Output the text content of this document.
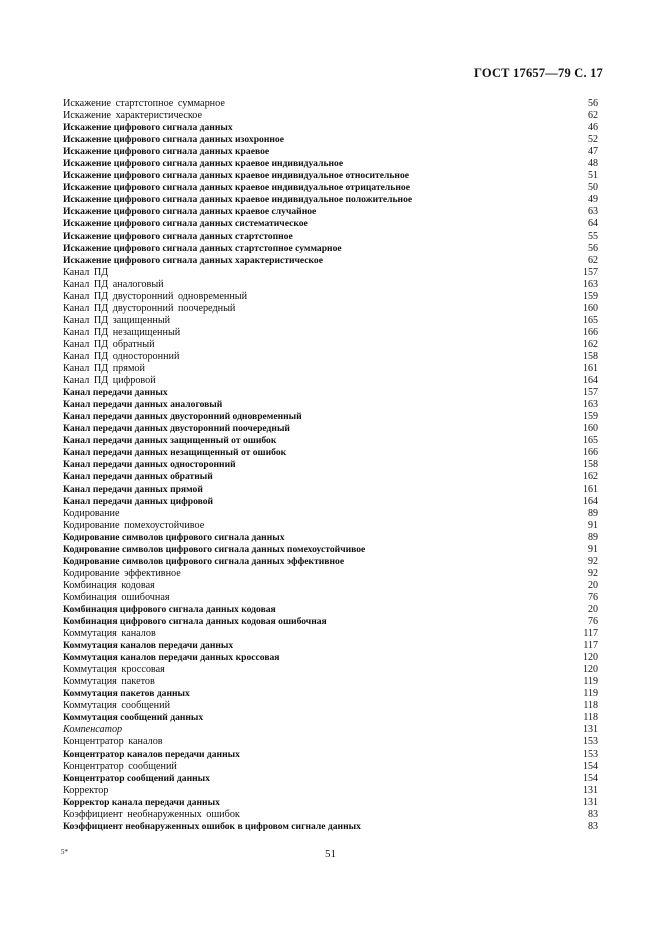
ГОСТ 17657—79 С. 17
Искажение стартстопное суммарное	56
Искажение характеристическое	62
Искажение цифрового сигнала данных	46
Искажение цифрового сигнала данных изохронное	52
Искажение цифрового сигнала данных краевое	47
Искажение цифрового сигнала данных краевое индивидуальное	48
Искажение цифрового сигнала данных краевое индивидуальное относительное	51
Искажение цифрового сигнала данных краевое индивидуальное отрицательное	50
Искажение цифрового сигнала данных краевое индивидуальное положительное	49
Искажение цифрового сигнала данных краевое случайное	63
Искажение цифрового сигнала данных систематическое	64
Искажение цифрового сигнала данных стартстопное	55
Искажение цифрового сигнала данных стартстопное суммарное	56
Искажение цифрового сигнала данных характеристическое	62
Канал ПД	157
Канал ПД аналоговый	163
Канал ПД двусторонний одновременный	159
Канал ПД двусторонний поочередный	160
Канал ПД защищенный	165
Канал ПД незащищенный	166
Канал ПД обратный	162
Канал ПД односторонний	158
Канал ПД прямой	161
Канал ПД цифровой	164
Канал передачи данных	157
Канал передачи данных аналоговый	163
Канал передачи данных двусторонний одновременный	159
Канал передачи данных двусторонний поочередный	160
Канал передачи данных защищенный от ошибок	165
Канал передачи данных незащищенный от ошибок	166
Канал передачи данных односторонний	158
Канал передачи данных обратный	162
Канал передачи данных прямой	161
Канал передачи данных цифровой	164
Кодирование	89
Кодирование помехоустойчивое	91
Кодирование символов цифрового сигнала данных	89
Кодирование символов цифрового сигнала данных помехоустойчивое	91
Кодирование символов цифрового сигнала данных эффективное	92
Кодирование эффективное	92
Комбинация кодовая	20
Комбинация ошибочная	76
Комбинация цифрового сигнала данных кодовая	20
Комбинация цифрового сигнала данных кодовая ошибочная	76
Коммутация каналов	117
Коммутация каналов передачи данных	117
Коммутация каналов передачи данных кроссовая	120
Коммутация кроссовая	120
Коммутация пакетов	119
Коммутация пакетов данных	119
Коммутация сообщений	118
Коммутация сообщений данных	118
Компенсатор	131
Концентратор каналов	153
Концентратор каналов передачи данных	153
Концентратор сообщений	154
Концентратор сообщений данных	154
Корректор	131
Корректор канала передачи данных	131
Коэффициент необнаруженных ошибок	83
Коэффициент необнаруженных ошибок в цифровом сигнале данных	83
5*	51
